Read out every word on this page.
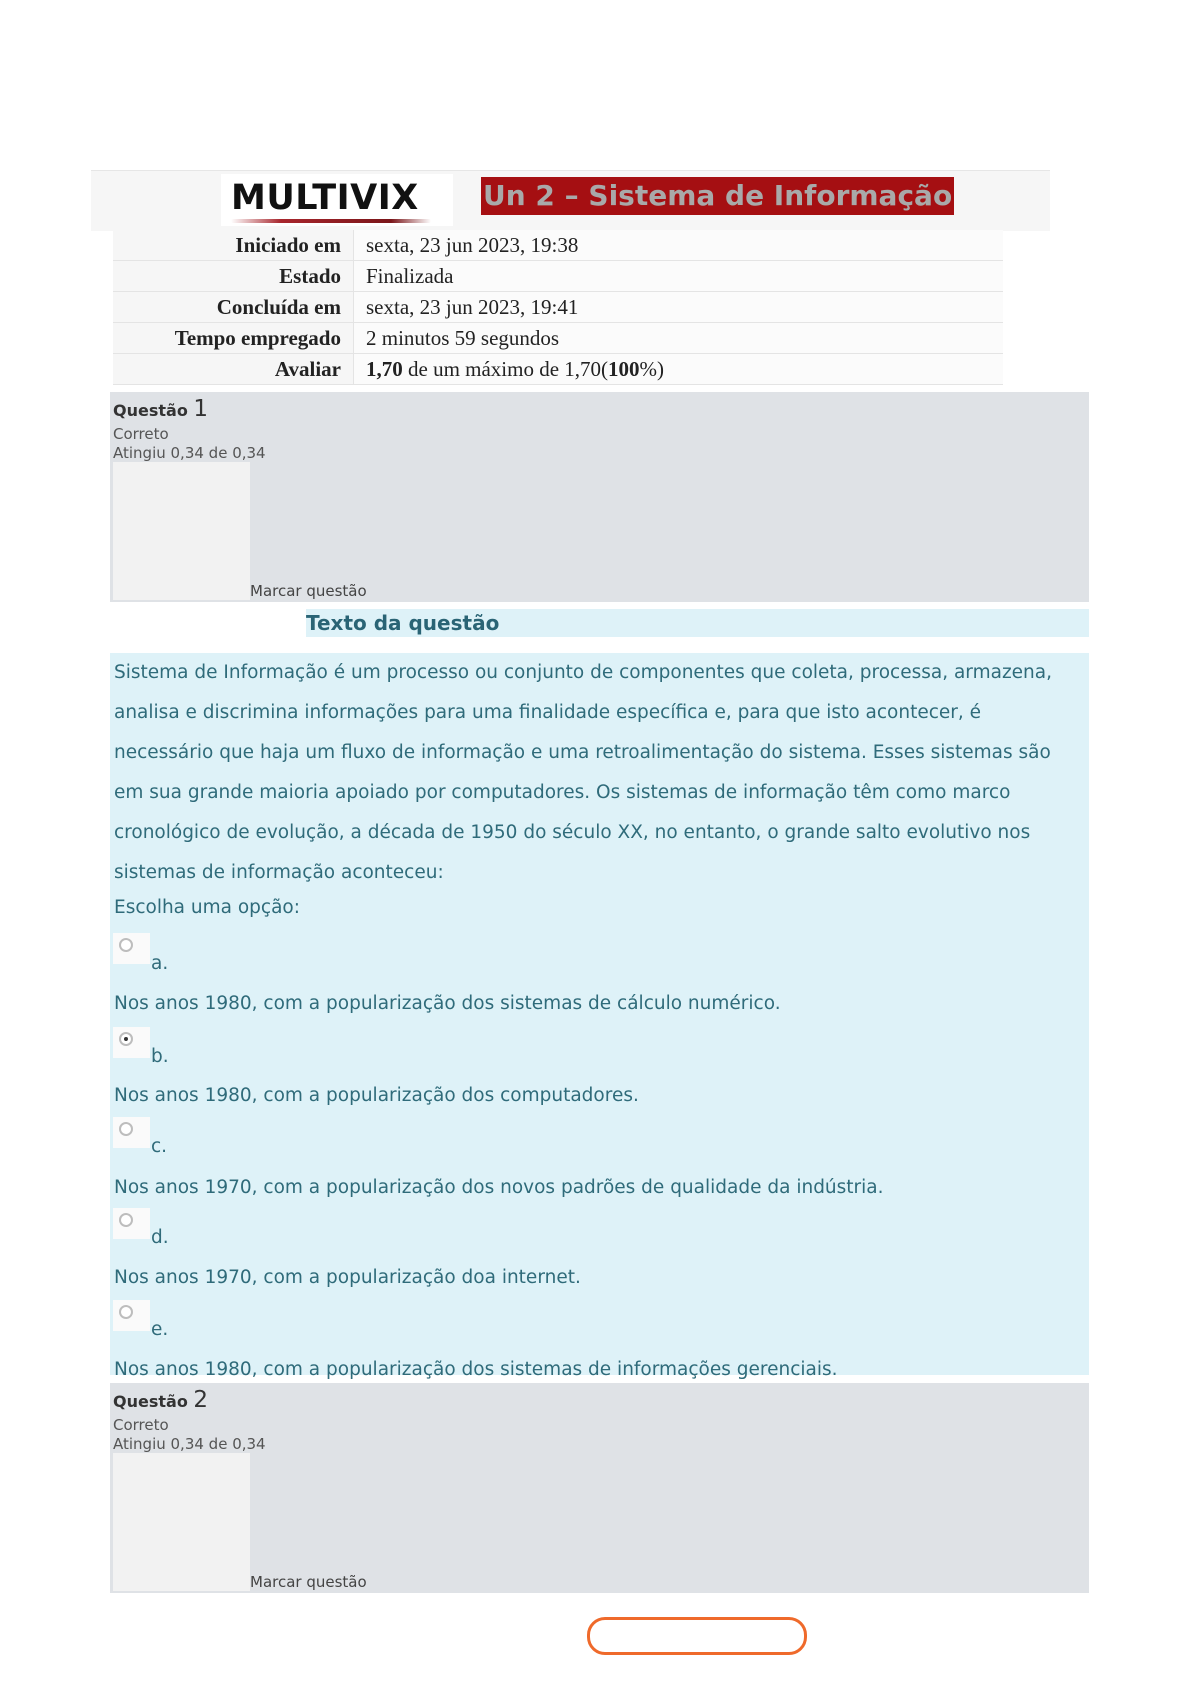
MULTIVIX Un 2 – Sistema de Informação
Iniciado em	sexta, 23 jun 2023, 19:38
Estado	Finalizada
Concluída em	sexta, 23 jun 2023, 19:41
Tempo empregado	2 minutos 59 segundos
Avaliar	1,70 de um máximo de 1,70(100%)
Questão 1
Correto
Atingiu 0,34 de 0,34
Marcar questão
Texto da questão

Sistema de Informação é um processo ou conjunto de componentes que coleta, processa, armazena, analisa e discrimina informações para uma finalidade específica e, para que isto acontecer, é necessário que haja um fluxo de informação e uma retroalimentação do sistema. Esses sistemas são em sua grande maioria apoiado por computadores. Os sistemas de informação têm como marco cronológico de evolução, a década de 1950 do século XX, no entanto, o grande salto evolutivo nos sistemas de informação aconteceu:

Escolha uma opção:

a.
Nos anos 1980, com a popularização dos sistemas de cálculo numérico.
b.
Nos anos 1980, com a popularização dos computadores.
c.
Nos anos 1970, com a popularização dos novos padrões de qualidade da indústria.
d.
Nos anos 1970, com a popularização doa internet.
e.
Nos anos 1980, com a popularização dos sistemas de informações gerenciais.
Questão 2
Correto
Atingiu 0,34 de 0,34
Marcar questão
